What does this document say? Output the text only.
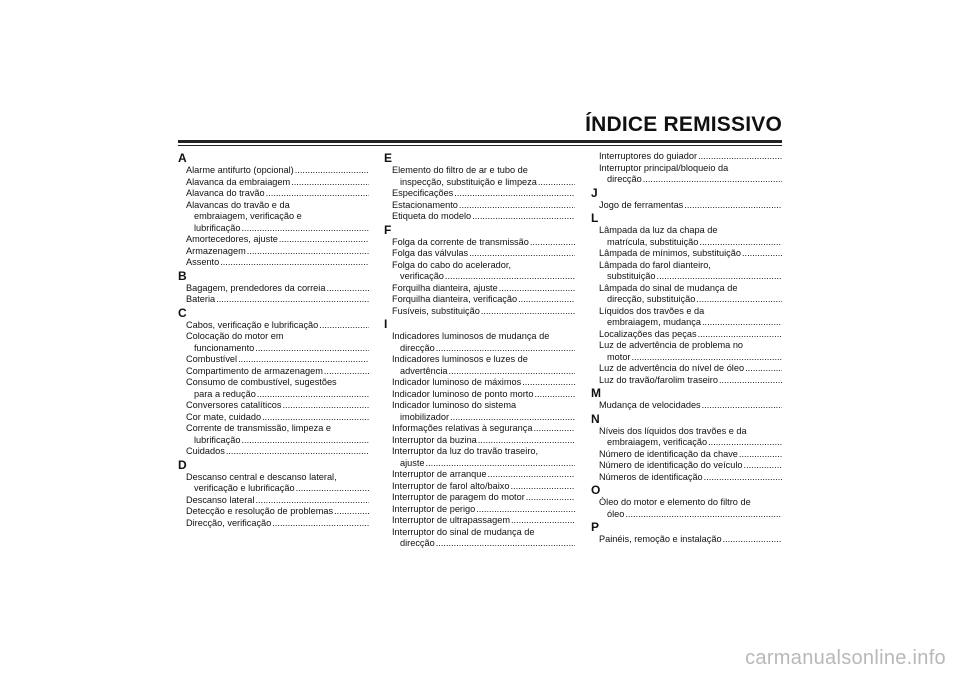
ÍNDICE REMISSIVO
A
Alarme antifurto (opcional) .....
Alavanca da embraiagem .....
Alavanca do travão .....
Alavancas do travão e da
embraiagem, verificação e
lubrificação .....
Amortecedores, ajuste .....
Armazenagem .....
Assento .....
B
Bagagem, prendedores da correia .....
Bateria .....
C
Cabos, verificação e lubrificação .....
Colocação do motor em
funcionamento .....
Combustível .....
Compartimento de armazenagem .....
Consumo de combustível, sugestões
para a redução .....
Conversores catalíticos .....
Cor mate, cuidado .....
Corrente de transmissão, limpeza e
lubrificação .....
Cuidados .....
D
Descanso central e descanso lateral,
verificação e lubrificação .....
Descanso lateral .....
Detecção e resolução de problemas .....
Direcção, verificação .....
E
Elemento do filtro de ar e tubo de
inspecção, substituição e limpeza .....
Especificações .....
Estacionamento .....
Etiqueta do modelo .....
F
Folga da corrente de transmissão .....
Folga das válvulas .....
Folga do cabo do acelerador,
verificação .....
Forquilha dianteira, ajuste .....
Forquilha dianteira, verificação .....
Fusíveis, substituição .....
I
Indicadores luminosos de mudança de
direcção .....
Indicadores luminosos e luzes de
advertência .....
Indicador luminoso de máximos .....
Indicador luminoso de ponto morto .....
Indicador luminoso do sistema
imobilizador .....
Informações relativas à segurança .....
Interruptor da buzina .....
Interruptor da luz do travão traseiro,
ajuste .....
Interruptor de arranque .....
Interruptor de farol alto/baixo .....
Interruptor de paragem do motor .....
Interruptor de perigo .....
Interruptor de ultrapassagem .....
Interruptor do sinal de mudança de
direcção .....
Interruptores do guiador .....
Interruptor principal/bloqueio da
direcção .....
J
Jogo de ferramentas .....
L
Lâmpada da luz da chapa de
matrícula, substituição .....
Lâmpada de mínimos, substituição .....
Lâmpada do farol dianteiro,
substituição .....
Lâmpada do sinal de mudança de
direcção, substituição .....
Líquidos dos travões e da
embraiagem, mudança .....
Localizações das peças .....
Luz de advertência de problema no
motor .....
Luz de advertência do nível de óleo .....
Luz do travão/farolim traseiro .....
M
Mudança de velocidades .....
N
Níveis dos líquidos dos travões e da
embraiagem, verificação .....
Número de identificação da chave .....
Número de identificação do veículo .....
Números de identificação .....
O
Óleo do motor e elemento do filtro de
óleo .....
P
Painéis, remoção e instalação .....
carmanualsonline.info
